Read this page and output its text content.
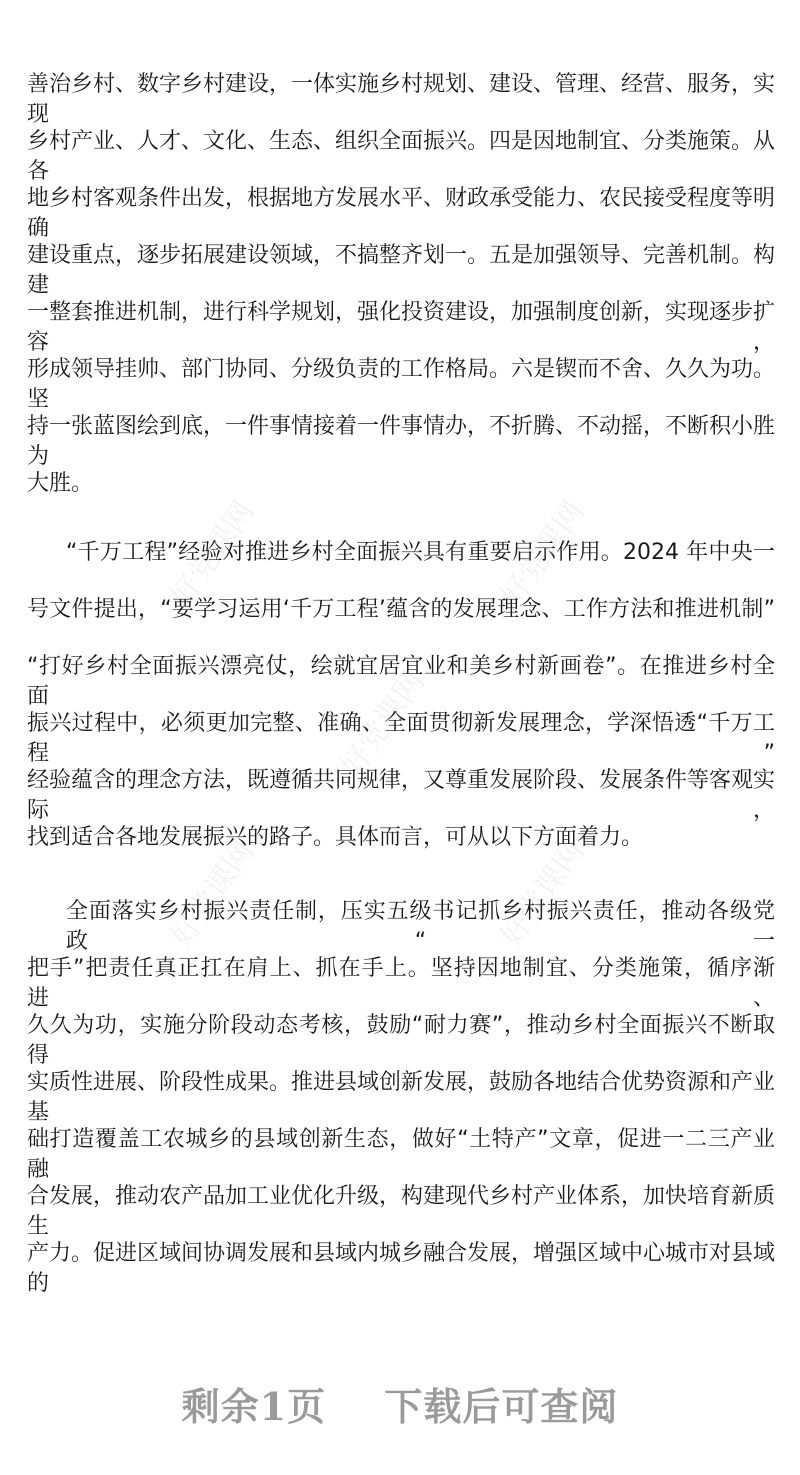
好党课网	好党课网
好党课网
好党课网	好党课网
善治乡村、数字乡村建设，一体实施乡村规划、建设、管理、经营、服务，实现
乡村产业、人才、文化、生态、组织全面振兴。四是因地制宜、分类施策。从各
地乡村客观条件出发，根据地方发展水平、财政承受能力、农民接受程度等明确
建设重点，逐步拓展建设领域，不搞整齐划一。五是加强领导、完善机制。构建
一整套推进机制，进行科学规划，强化投资建设，加强制度创新，实现逐步扩容，
形成领导挂帅、部门协同、分级负责的工作格局。六是锲而不舍、久久为功。坚
持一张蓝图绘到底，一件事情接着一件事情办，不折腾、不动摇，不断积小胜为
大胜。
“千万工程”经验对推进乡村全面振兴具有重要启示作用。2024 年中央一
号文件提出，“要学习运用‘千万工程’蕴含的发展理念、工作方法和推进机制”
“打好乡村全面振兴漂亮仗，绘就宜居宜业和美乡村新画卷”。在推进乡村全面
振兴过程中，必须更加完整、准确、全面贯彻新发展理念，学深悟透“千万工程”
经验蕴含的理念方法，既遵循共同规律，又尊重发展阶段、发展条件等客观实际，
找到适合各地发展振兴的路子。具体而言，可从以下方面着力。
全面落实乡村振兴责任制，压实五级书记抓乡村振兴责任，推动各级党政“一
把手”把责任真正扛在肩上、抓在手上。坚持因地制宜、分类施策，循序渐进、
久久为功，实施分阶段动态考核，鼓励“耐力赛”，推动乡村全面振兴不断取得
实质性进展、阶段性成果。推进县域创新发展，鼓励各地结合优势资源和产业基
础打造覆盖工农城乡的县域创新生态，做好“土特产”文章，促进一二三产业融
合发展，推动农产品加工业优化升级，构建现代乡村产业体系，加快培育新质生
产力。促进区域间协调发展和县域内城乡融合发展，增强区域中心城市对县域的
剩余1页 下载后可查阅
